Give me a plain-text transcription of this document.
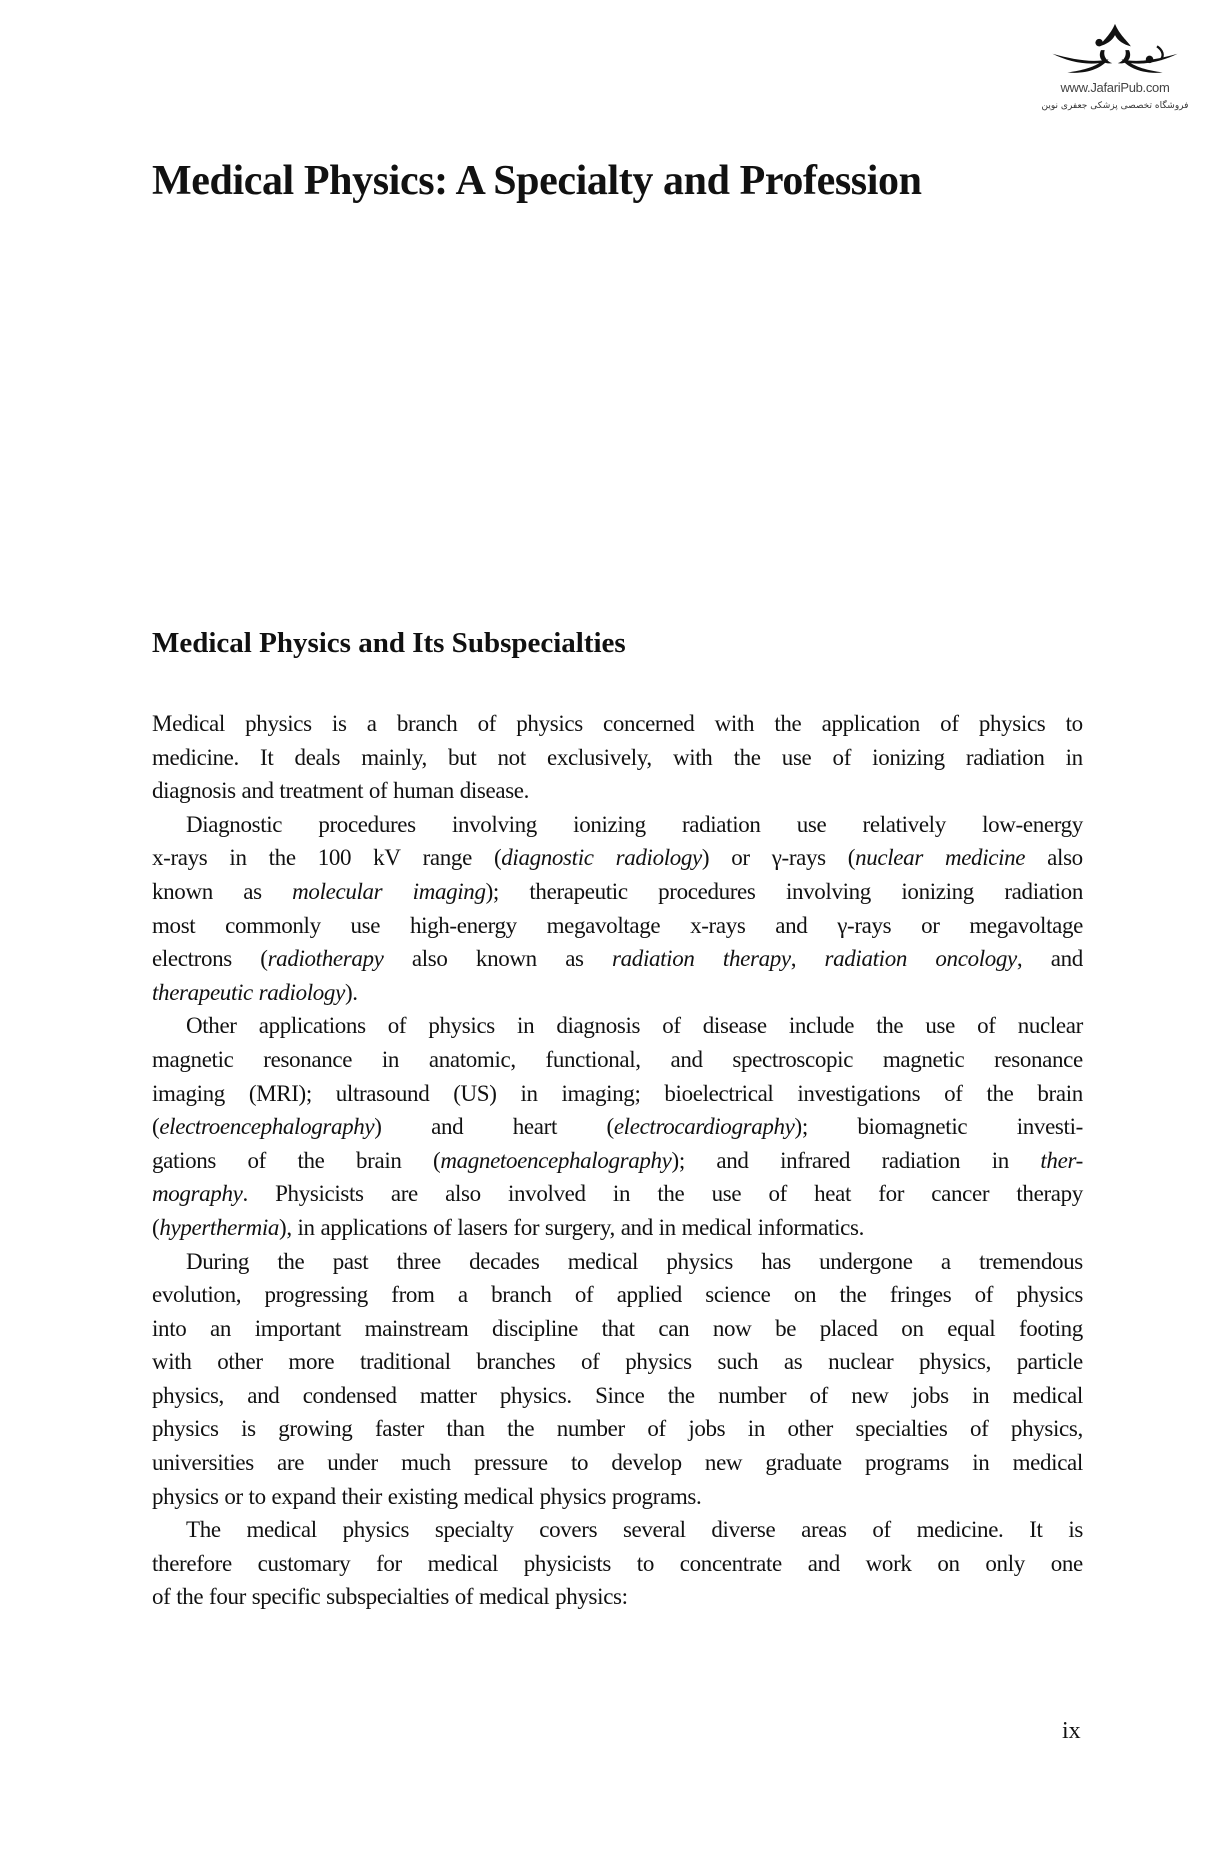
www.JafariPub.com
فروشگاه تخصصی پزشکی جعفری نوین
Medical Physics: A Specialty and Profession
Medical Physics and Its Subspecialties
Medical physics is a branch of physics concerned with the application of physics to
medicine. It deals mainly, but not exclusively, with the use of ionizing radiation in
diagnosis and treatment of human disease.
Diagnostic procedures involving ionizing radiation use relatively low-energy
x-rays in the 100 kV range (diagnostic radiology) or γ-rays (nuclear medicine also
known as molecular imaging); therapeutic procedures involving ionizing radiation
most commonly use high-energy megavoltage x-rays and γ-rays or megavoltage
electrons (radiotherapy also known as radiation therapy, radiation oncology, and
therapeutic radiology).
Other applications of physics in diagnosis of disease include the use of nuclear
magnetic resonance in anatomic, functional, and spectroscopic magnetic resonance
imaging (MRI); ultrasound (US) in imaging; bioelectrical investigations of the brain
(electroencephalography) and heart (electrocardiography); biomagnetic investi-
gations of the brain (magnetoencephalography); and infrared radiation in ther-
mography. Physicists are also involved in the use of heat for cancer therapy
(hyperthermia), in applications of lasers for surgery, and in medical informatics.
During the past three decades medical physics has undergone a tremendous
evolution, progressing from a branch of applied science on the fringes of physics
into an important mainstream discipline that can now be placed on equal footing
with other more traditional branches of physics such as nuclear physics, particle
physics, and condensed matter physics. Since the number of new jobs in medical
physics is growing faster than the number of jobs in other specialties of physics,
universities are under much pressure to develop new graduate programs in medical
physics or to expand their existing medical physics programs.
The medical physics specialty covers several diverse areas of medicine. It is
therefore customary for medical physicists to concentrate and work on only one
of the four specific subspecialties of medical physics:
ix
